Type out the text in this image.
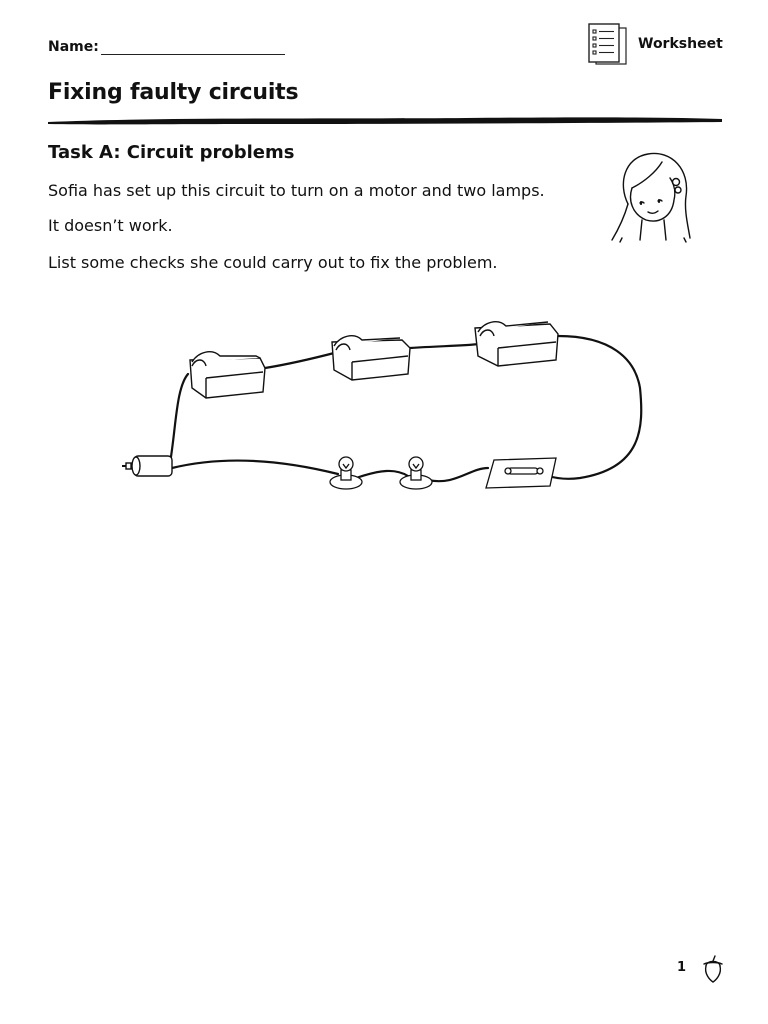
Name:	Worksheet
Fixing faulty circuits
Task A: Circuit problems

Sofia has set up this circuit to turn on a motor and two lamps.

It doesn’t work.

List some checks she could carry out to fix the problem.

1
